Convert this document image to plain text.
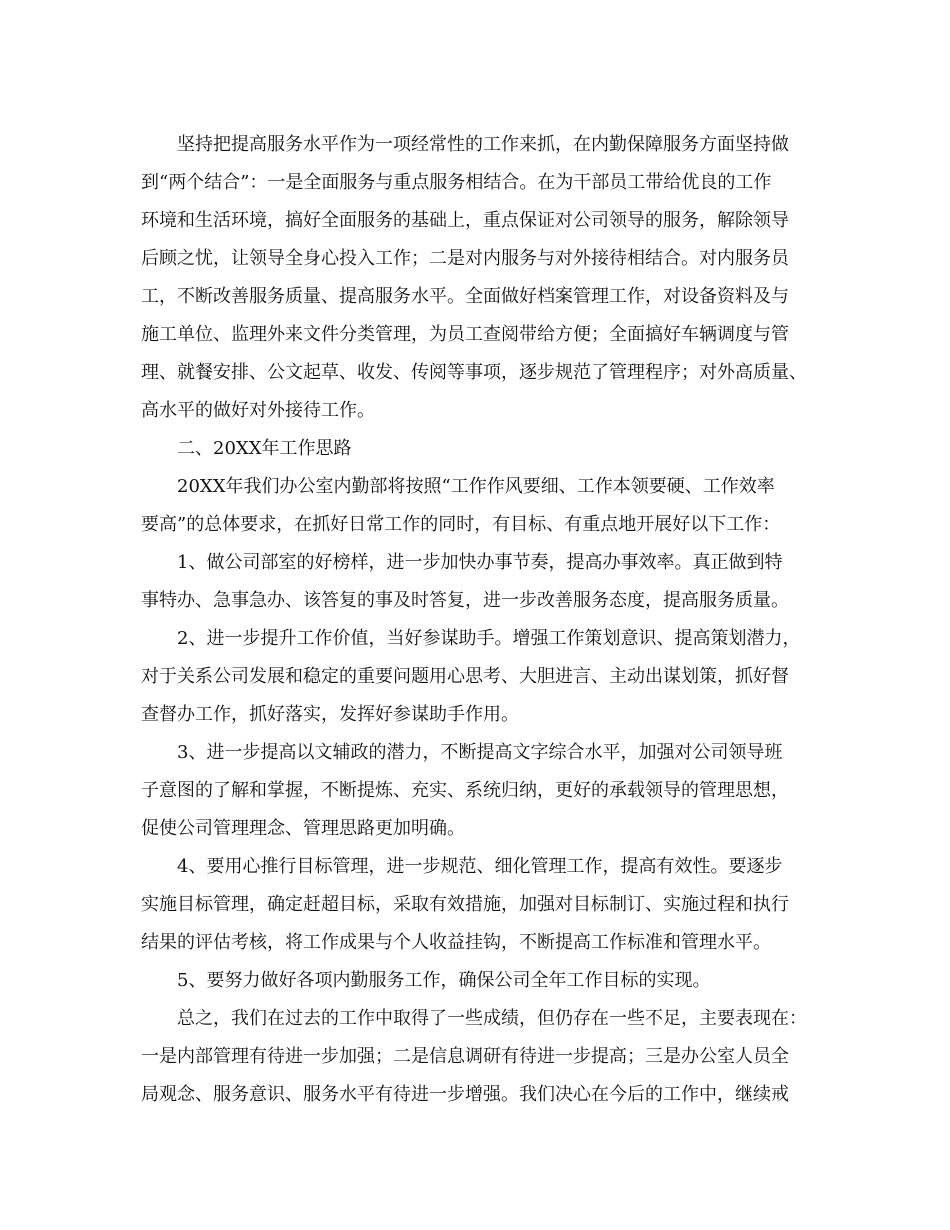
坚持把提高服务水平作为一项经常性的工作来抓，在内勤保障服务方面坚持做
到“两个结合”：一是全面服务与重点服务相结合。在为干部员工带给优良的工作
环境和生活环境，搞好全面服务的基础上，重点保证对公司领导的服务，解除领导
后顾之忧，让领导全身心投入工作；二是对内服务与对外接待相结合。对内服务员
工，不断改善服务质量、提高服务水平。全面做好档案管理工作，对设备资料及与
施工单位、监理外来文件分类管理，为员工查阅带给方便；全面搞好车辆调度与管
理、就餐安排、公文起草、收发、传阅等事项，逐步规范了管理程序；对外高质量、
高水平的做好对外接待工作。
二、20XX年工作思路
20XX年我们办公室内勤部将按照“工作作风要细、工作本领要硬、工作效率
要高”的总体要求，在抓好日常工作的同时，有目标、有重点地开展好以下工作：
1、做公司部室的好榜样，进一步加快办事节奏，提高办事效率。真正做到特
事特办、急事急办、该答复的事及时答复，进一步改善服务态度，提高服务质量。
2、进一步提升工作价值，当好参谋助手。增强工作策划意识、提高策划潜力，
对于关系公司发展和稳定的重要问题用心思考、大胆进言、主动出谋划策，抓好督
查督办工作，抓好落实，发挥好参谋助手作用。
3、进一步提高以文辅政的潜力，不断提高文字综合水平，加强对公司领导班
子意图的了解和掌握，不断提炼、充实、系统归纳，更好的承载领导的管理思想，
促使公司管理理念、管理思路更加明确。
4、要用心推行目标管理，进一步规范、细化管理工作，提高有效性。要逐步
实施目标管理，确定赶超目标，采取有效措施，加强对目标制订、实施过程和执行
结果的评估考核，将工作成果与个人收益挂钩，不断提高工作标准和管理水平。
5、要努力做好各项内勤服务工作，确保公司全年工作目标的实现。
总之，我们在过去的工作中取得了一些成绩，但仍存在一些不足，主要表现在：
一是内部管理有待进一步加强；二是信息调研有待进一步提高；三是办公室人员全
局观念、服务意识、服务水平有待进一步增强。我们决心在今后的工作中，继续戒
